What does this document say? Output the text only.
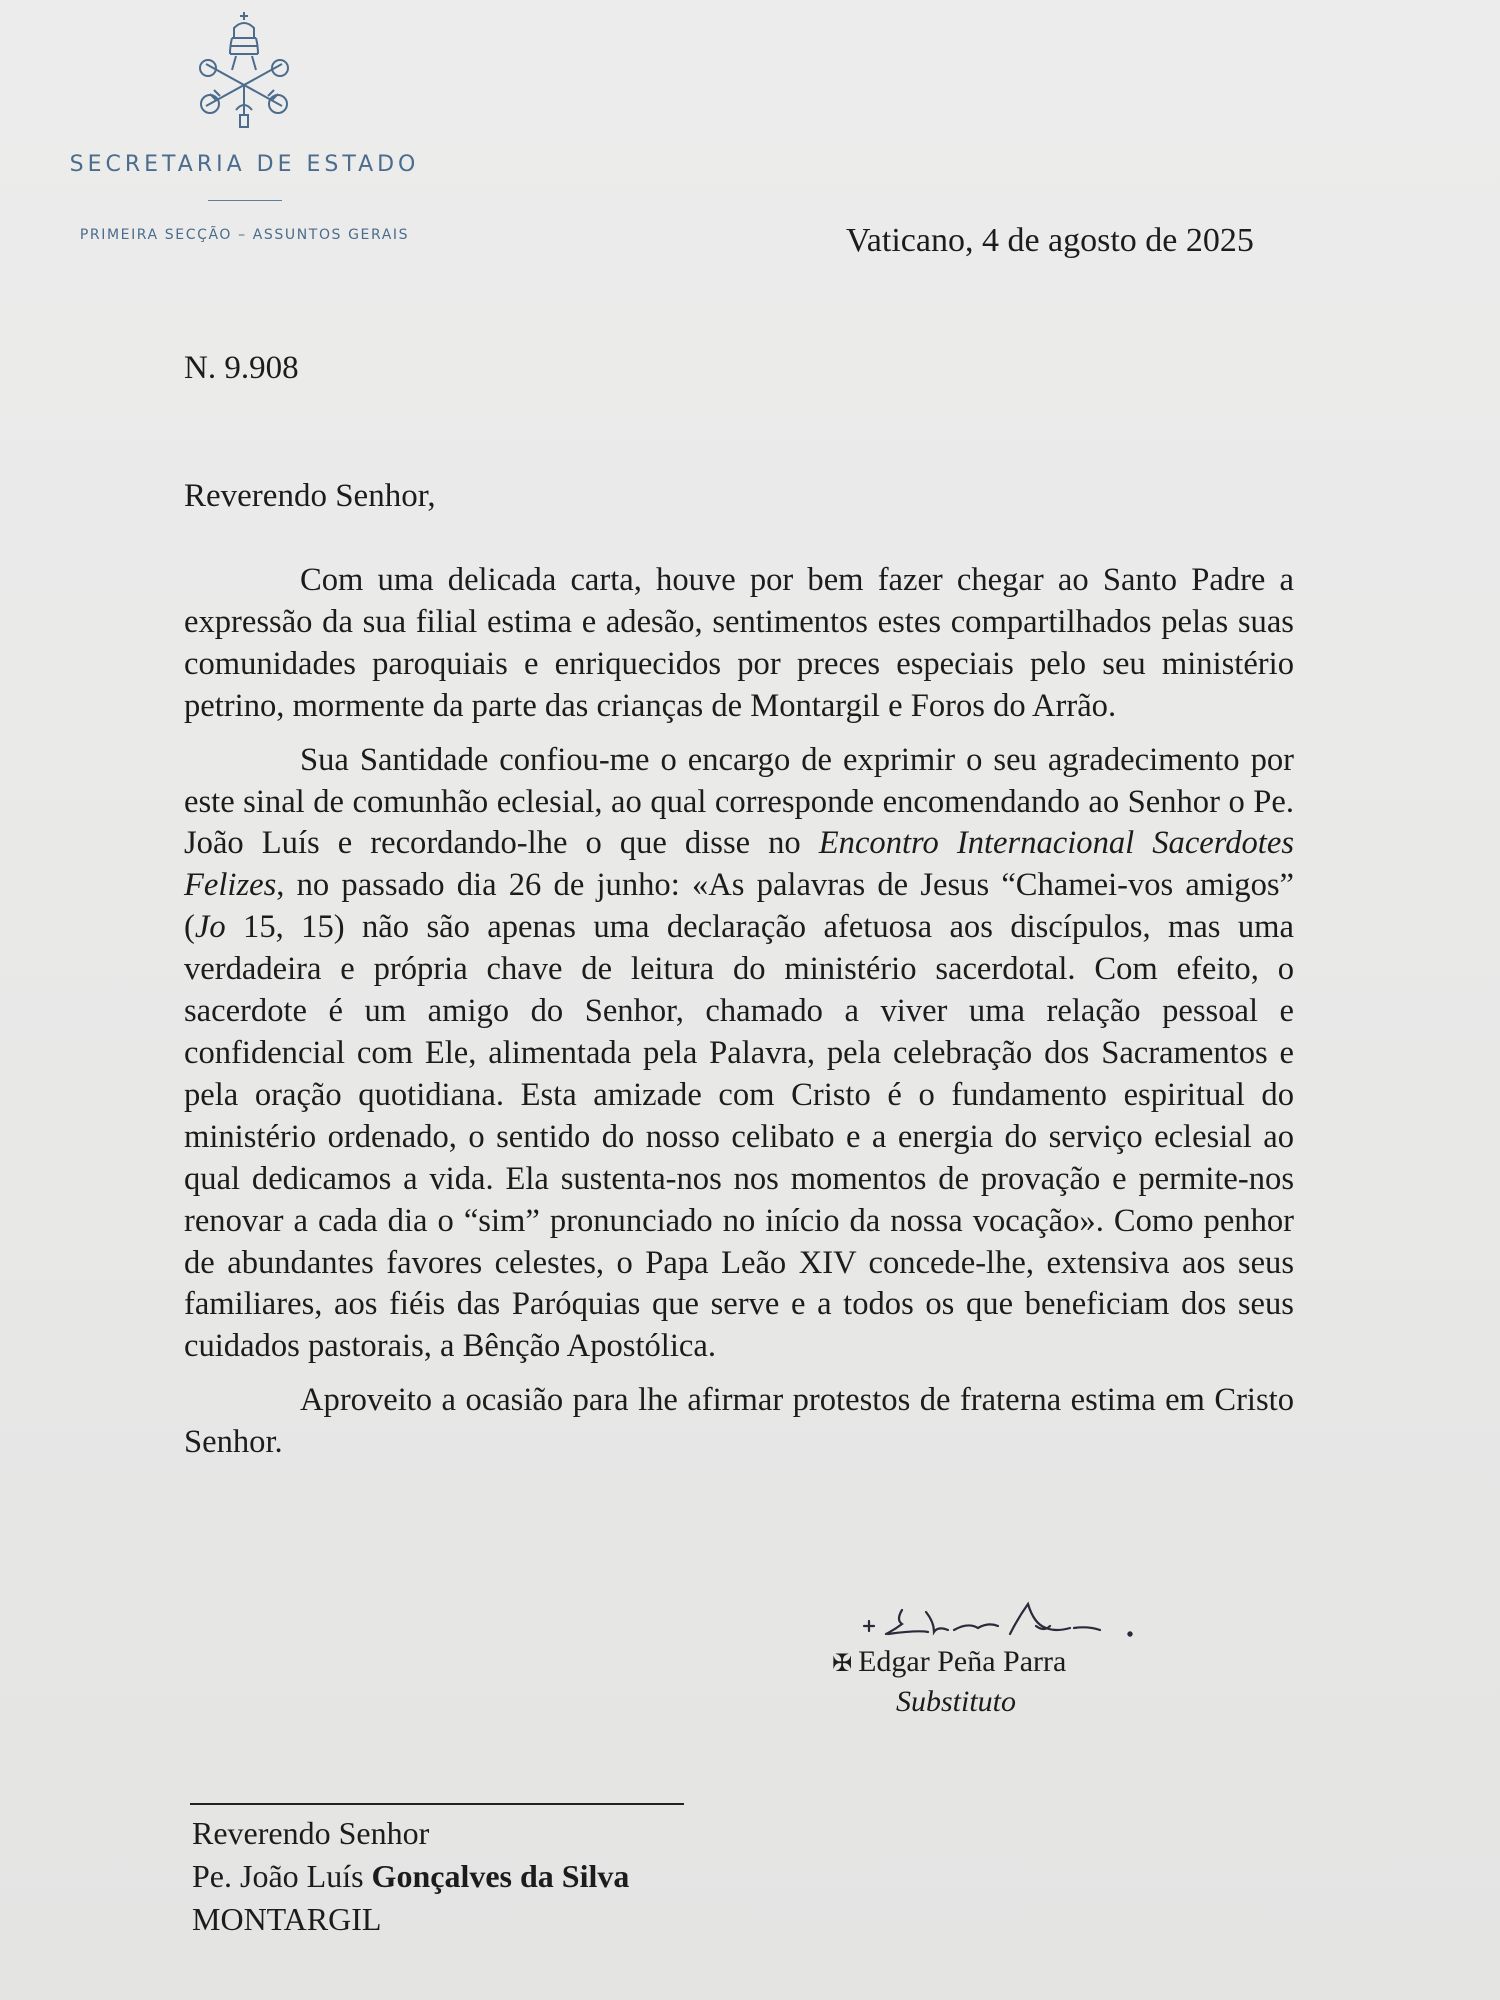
SECRETARIA DE ESTADO
PRIMEIRA SECÇÃO – ASSUNTOS GERAIS	Vaticano, 4 de agosto de 2025
N. 9.908
Reverendo Senhor,

Com uma delicada carta, houve por bem fazer chegar ao Santo Padre a expressão da sua filial estima e adesão, sentimentos estes compartilhados pelas suas comunidades paroquiais e enriquecidos por preces especiais pelo seu ministério petrino, mormente da parte das crianças de Montargil e Foros do Arrão.

Sua Santidade confiou-me o encargo de exprimir o seu agradecimento por este sinal de comunhão eclesial, ao qual corresponde encomendando ao Senhor o Pe. João Luís e recordando-lhe o que disse no Encontro Internacional Sacerdotes Felizes, no passado dia 26 de junho: «As palavras de Jesus “Chamei-vos amigos” (Jo 15, 15) não são apenas uma declaração afetuosa aos discípulos, mas uma verdadeira e própria chave de leitura do ministério sacerdotal. Com efeito, o sacerdote é um amigo do Senhor, chamado a viver uma relação pessoal e confidencial com Ele, alimentada pela Palavra, pela celebração dos Sacramentos e pela oração quotidiana. Esta amizade com Cristo é o fundamento espiritual do ministério ordenado, o sentido do nosso celibato e a energia do serviço eclesial ao qual dedicamos a vida. Ela sustenta-nos nos momentos de provação e permite-nos renovar a cada dia o “sim” pronunciado no início da nossa vocação». Como penhor de abundantes favores celestes, o Papa Leão XIV concede-lhe, extensiva aos seus familiares, aos fiéis das Paróquias que serve e a todos os que beneficiam dos seus cuidados pastorais, a Bênção Apostólica.

Aproveito a ocasião para lhe afirmar protestos de fraterna estima em Cristo Senhor.

✠ Edgar Peña Parra
Substituto
Reverendo Senhor
Pe. João Luís Gonçalves da Silva
MONTARGIL
